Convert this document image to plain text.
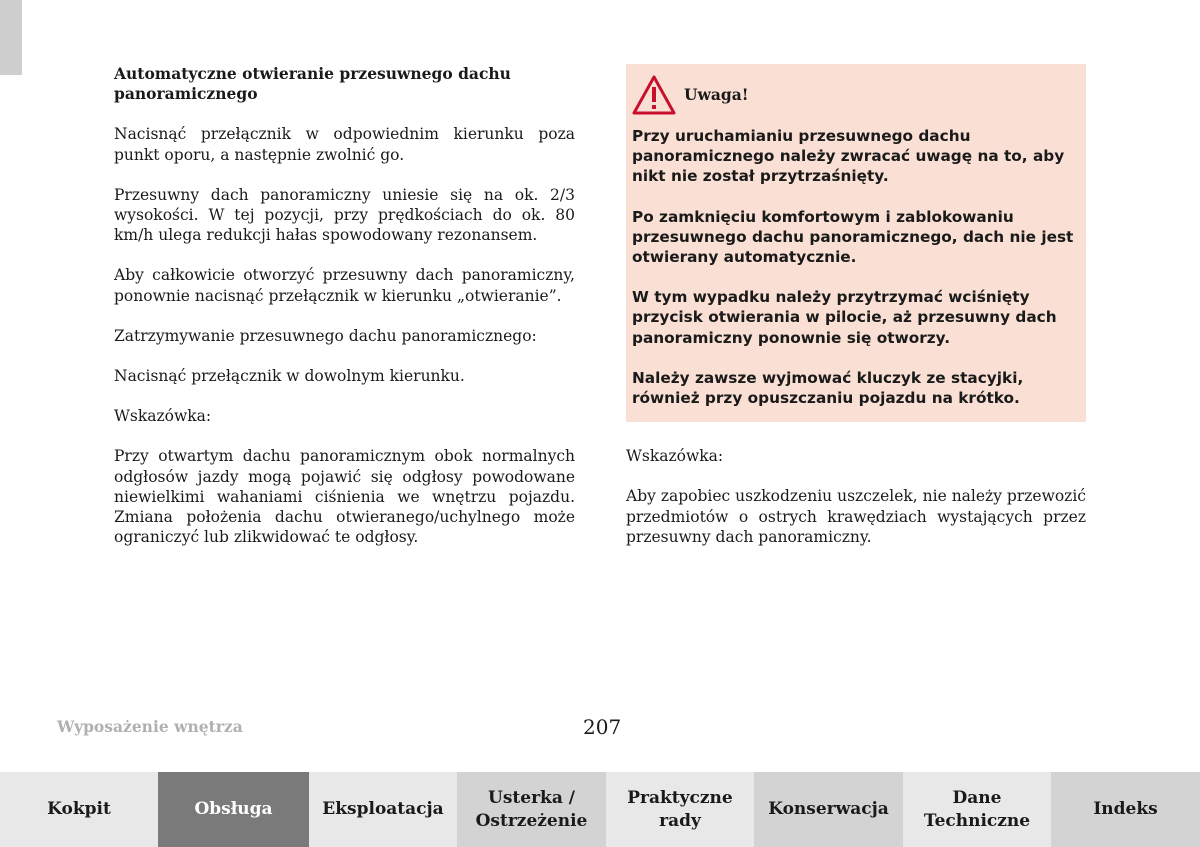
Automatyczne otwieranie przesuwnego dachu panoramicznego

Nacisnąć przełącznik w odpowiednim kierunku poza punkt oporu, a następnie zwolnić go.

Przesuwny dach panoramiczny uniesie się na ok. 2/3 wysokości. W tej pozycji, przy prędkościach do ok. 80 km/h ulega redukcji hałas spowodowany rezonansem.

Aby całkowicie otworzyć przesuwny dach panoramiczny, ponownie nacisnąć przełącznik w kierunku „otwieranie”.

Zatrzymywanie przesuwnego dachu panoramicznego:

Nacisnąć przełącznik w dowolnym kierunku.

Wskazówka:

Przy otwartym dachu panoramicznym obok normalnych odgłosów jazdy mogą pojawić się odgłosy powodowane niewielkimi wahaniami ciśnienia we wnętrzu pojazdu. Zmiana położenia dachu otwieranego/uchylnego może ograniczyć lub zlikwidować te odgłosy.

Uwaga!

Przy uruchamianiu przesuwnego dachu panoramicznego należy zwracać uwagę na to, aby nikt nie został przytrzaśnięty.

Po zamknięciu komfortowym i zablokowaniu przesuwnego dachu panoramicznego, dach nie jest otwierany automatycznie.

W tym wypadku należy przytrzymać wciśnięty przycisk otwierania w pilocie, aż przesuwny dach panoramiczny ponownie się otworzy.

Należy zawsze wyjmować kluczyk ze stacyjki, również przy opuszczaniu pojazdu na krótko.

Wskazówka:

Aby zapobiec uszkodzeniu uszczelek, nie należy przewozić przedmiotów o ostrych krawędziach wystających przez przesuwny dach panoramiczny.

Wyposażenie wnętrza	207
Kokpit	Obsługa	Eksploatacja
Usterka /
Ostrzeżenie
Praktyczne
rady
Konserwacja
Dane
Techniczne
Indeks
